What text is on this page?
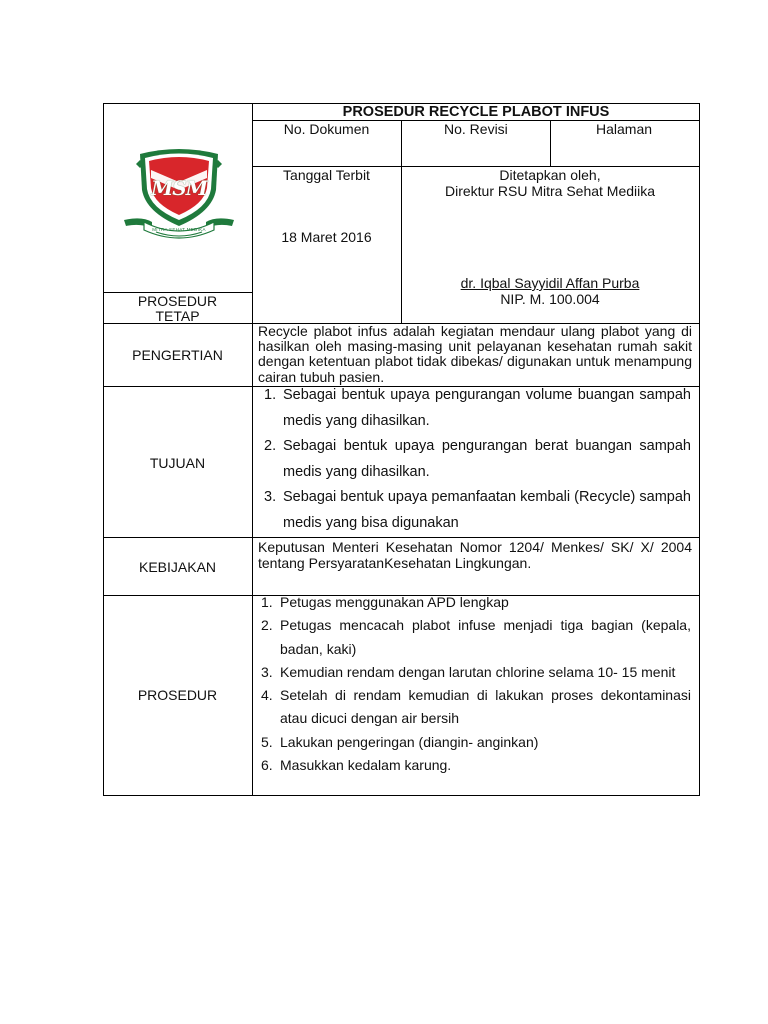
MSM
MITRA SEHAT MEDIKA
PROSEDUR RECYCLE PLABOT INFUS
No. Dokumen	No. Revisi	Halaman
Tanggal Terbit
18 Maret 2016
Ditetapkan oleh,
Direktur RSU Mitra Sehat Mediika
dr. Iqbal Sayyidil Affan Purba
NIP. M. 100.004
PROSEDUR
TETAP
PENGERTIAN
Recycle plabot infus adalah kegiatan mendaur ulang plabot yang di hasilkan oleh masing-masing unit pelayanan kesehatan rumah sakit dengan ketentuan plabot tidak dibekas/ digunakan untuk menampung cairan tubuh pasien.
TUJUAN
1. Sebagai bentuk upaya pengurangan volume buangan sampah medis yang dihasilkan.
2. Sebagai bentuk upaya pengurangan berat buangan sampah medis yang dihasilkan.
3. Sebagai bentuk upaya pemanfaatan kembali (Recycle) sampah medis yang bisa digunakan
KEBIJAKAN
Keputusan Menteri Kesehatan Nomor 1204/ Menkes/ SK/ X/ 2004 tentang PersyaratanKesehatan Lingkungan.
PROSEDUR
1. Petugas menggunakan APD lengkap
2. Petugas mencacah plabot infuse menjadi tiga bagian (kepala, badan, kaki)
3. Kemudian rendam dengan larutan chlorine selama 10- 15 menit
4. Setelah di rendam kemudian di lakukan proses dekontaminasi atau dicuci dengan air bersih
5. Lakukan pengeringan (diangin- anginkan)
6. Masukkan kedalam karung.
